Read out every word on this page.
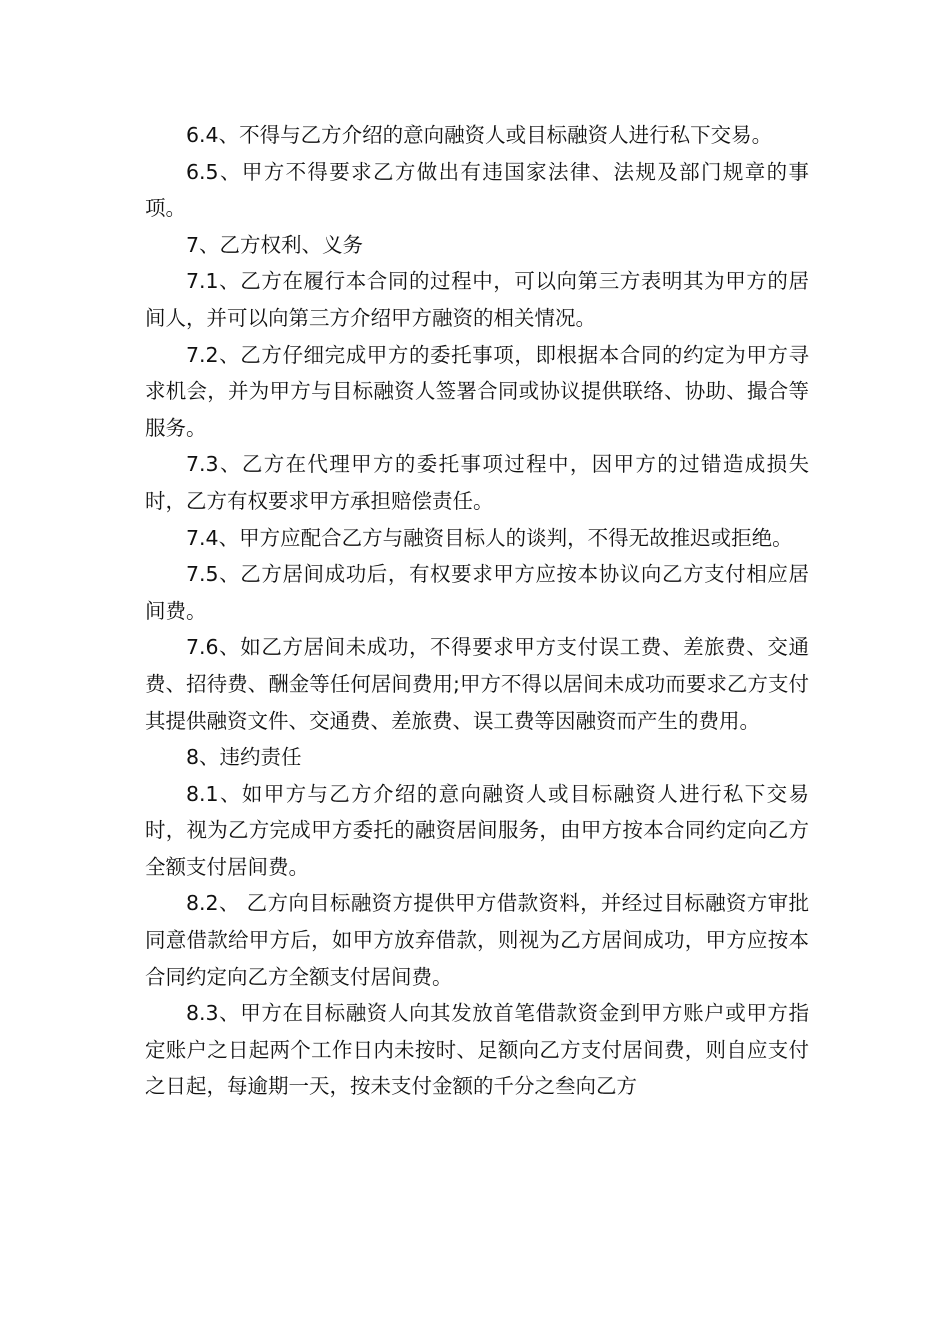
6.4、不得与乙方介绍的意向融资人或目标融资人进行私下交易。

6.5、甲方不得要求乙方做出有违国家法律、法规及部门规章的事项。

7、乙方权利、义务

7.1、乙方在履行本合同的过程中，可以向第三方表明其为甲方的居间人，并可以向第三方介绍甲方融资的相关情况。

7.2、乙方仔细完成甲方的委托事项，即根据本合同的约定为甲方寻求机会，并为甲方与目标融资人签署合同或协议提供联络、协助、撮合等服务。

7.3、乙方在代理甲方的委托事项过程中，因甲方的过错造成损失时，乙方有权要求甲方承担赔偿责任。

7.4、甲方应配合乙方与融资目标人的谈判，不得无故推迟或拒绝。

7.5、乙方居间成功后，有权要求甲方应按本协议向乙方支付相应居间费。

7.6、如乙方居间未成功，不得要求甲方支付误工费、差旅费、交通费、招待费、酬金等任何居间费用;甲方不得以居间未成功而要求乙方支付其提供融资文件、交通费、差旅费、误工费等因融资而产生的费用。

8、违约责任

8.1、如甲方与乙方介绍的意向融资人或目标融资人进行私下交易时，视为乙方完成甲方委托的融资居间服务，由甲方按本合同约定向乙方全额支付居间费。

8.2、 乙方向目标融资方提供甲方借款资料，并经过目标融资方审批同意借款给甲方后，如甲方放弃借款，则视为乙方居间成功，甲方应按本合同约定向乙方全额支付居间费。

8.3、甲方在目标融资人向其发放首笔借款资金到甲方账户或甲方指定账户之日起两个工作日内未按时、足额向乙方支付居间费，则自应支付之日起，每逾期一天，按未支付金额的千分之叁向乙方
